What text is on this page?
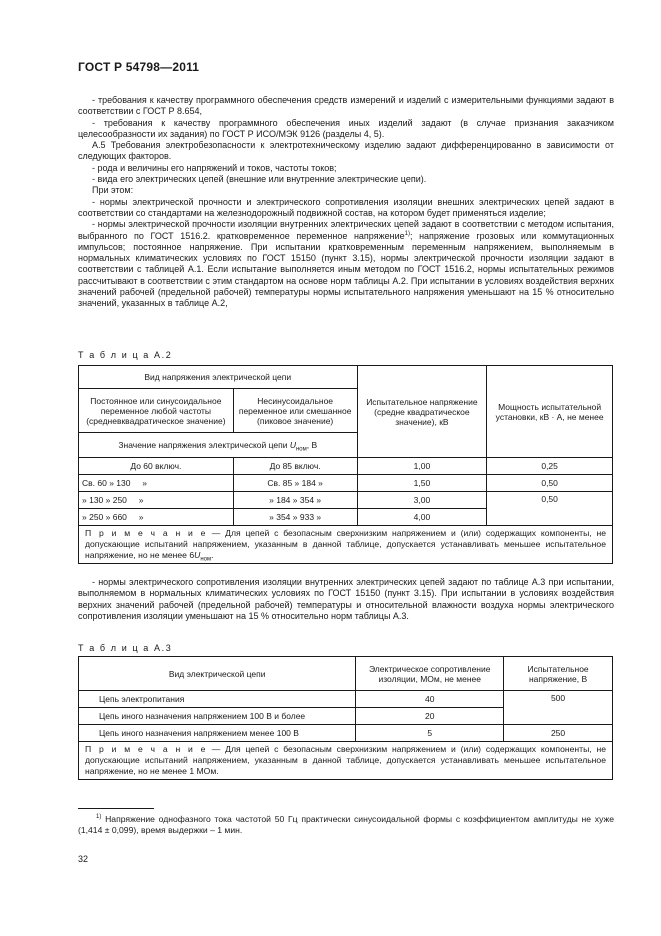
ГОСТ Р 54798—2011

- требования к качеству программного обеспечения средств измерений и изделий с измерительными функциями задают в соответствии с ГОСТ Р 8.654,

- требования к качеству программного обеспечения иных изделий задают (в случае признания заказчиком целесообразности их задания) по ГОСТ Р ИСО/МЭК 9126 (разделы 4, 5).

А.5 Требования электробезопасности к электротехническому изделию задают дифференцированно в зависимости от следующих факторов.

- рода и величины его напряжений и токов, частоты токов;

- вида его электрических цепей (внешние или внутренние электрические цепи).

При этом:

- нормы электрической прочности и электрического сопротивления изоляции внешних электрических цепей задают в соответствии со стандартами на железнодорожный подвижной состав, на котором будет применяться изделие;

- нормы электрической прочности изоляции внутренних электрических цепей задают в соответствии с методом испытания, выбранного по ГОСТ 1516.2. кратковременное переменное напряжение$^{1)}$; напряжение грозовых или коммутационных импульсов; постоянное напряжение. При испытании кратковременным переменным напряжением, выполняемым в нормальных климатических условиях по ГОСТ 15150 (пункт 3.15), нормы электрической прочности изоляции задают в соответствии с таблицей А.1. Если испытание выполняется иным методом по ГОСТ 1516.2, нормы испытательных режимов рассчитывают в соответствии с этим стандартом на основе норм таблицы А.2. При испытании в условиях воздействия верхних значений рабочей (предельной рабочей) температуры нормы испытательного напряжения уменьшают на 15 % относительно значений, указанных в таблице А.2,

Т а б л и ц а А.2
Вид напряжения электрической цепи		Испытательное напряжение (средне квадратическое значение), кВ	Мощность испытательной установки, кВ · А, не менее
Постоянное или синусоидальное переменное любой частоты (средневквадратическое значение)	Несинусоидальное переменное или смешанное (пиковое значение)		
Значение напряжения электрической цепи $U_{ном}$, В			
До 60 включ.	До 85 включ.	1,00	0,25
Св. 60 » 130     »	Св. 85 » 184 »	1,50	0,50
» 130 » 250     »	» 184 » 354 »	3,00	0,50
» 250 » 660     »	» 354 » 933 »	4,00	
П р и м е ч а н и е — Для цепей с безопасным сверхнизким напряжением и (или) содержащих компоненты, не допускающие испытаний напряжением, указанным в данной таблице, допускается устанавливать меньшее испытательное напряжение, но не менее $6U_{ном}$.			

- нормы электрического сопротивления изоляции внутренних электрических цепей задают по таблице А.3 при испытании, выполняемом в нормальных климатических условиях по ГОСТ 15150 (пункт 3.15). При испытании в условиях воздействия верхних значений рабочей (предельной рабочей) температуры и относительной влажности воздуха нормы электрического сопротивления изоляции уменьшают на 15 % относительно норм таблицы А.3.

Т а б л и ц а А.3
Вид электрической цепи	Электрическое сопротивление изоляции, МОм, не менее	Испытательное напряжение, В
Цепь электропитания	40	500
Цепь иного назначения напряжением 100 В и более	20	
Цепь иного назначения напряжением менее 100 В	5	250
П р и м е ч а н и е — Для цепей с безопасным сверхнизким напряжением и (или) содержащих компоненты, не допускающие испытаний напряжением, указанным в данной таблице, допускается устанавливать меньшее испытательное напряжение, но не менее 1 МОм.		

$^{1)}$ Напряжение однофазного тока частотой 50 Гц практически синусоидальной формы с коэффициентом амплитуды не хуже (1,414 ± 0,099), время выдержки – 1 мин.

32
